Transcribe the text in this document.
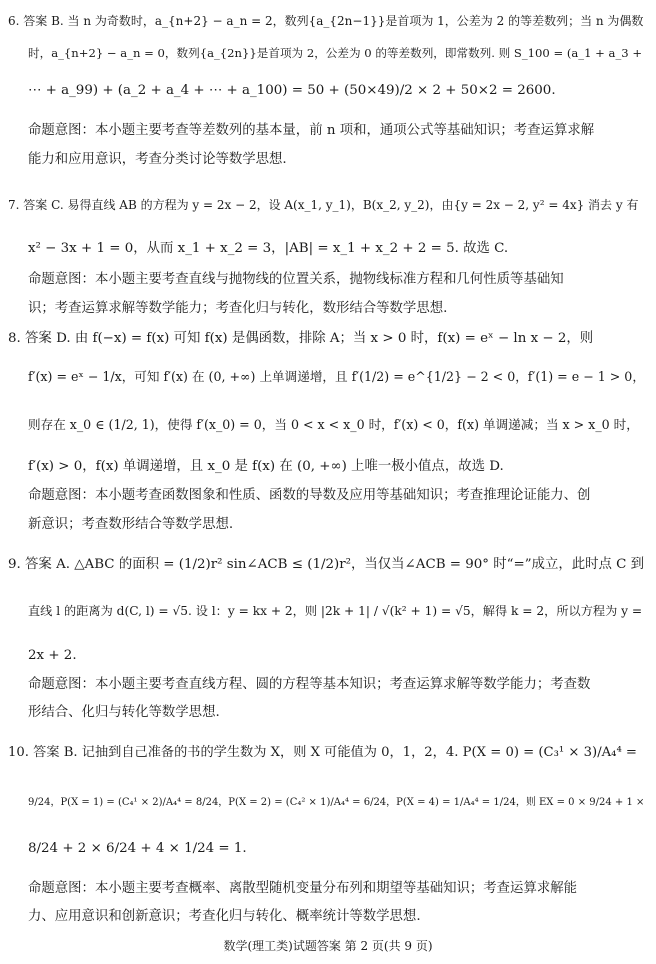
6. 答案 B. 当 n 为奇数时，a_{n+2} − a_n = 2，数列{a_{2n−1}}是首项为 1，公差为 2 的等差数列；当 n 为偶数
时，a_{n+2} − a_n = 0，数列{a_{2n}}是首项为 2，公差为 0 的等差数列，即常数列. 则 S_100 = (a_1 + a_3 +
⋯ + a_99) + (a_2 + a_4 + ⋯ + a_100) = 50 + (50×49)/2 × 2 + 50×2 = 2600.
命题意图：本小题主要考查等差数列的基本量，前 n 项和，通项公式等基础知识；考查运算求解
能力和应用意识，考查分类讨论等数学思想.
7. 答案 C. 易得直线 AB 的方程为 y = 2x − 2，设 A(x_1, y_1)，B(x_2, y_2)，由{y = 2x − 2, y² = 4x} 消去 y 有
x² − 3x + 1 = 0，从而 x_1 + x_2 = 3，|AB| = x_1 + x_2 + 2 = 5. 故选 C.
命题意图：本小题主要考查直线与抛物线的位置关系，抛物线标准方程和几何性质等基础知
识；考查运算求解等数学能力；考查化归与转化，数形结合等数学思想.
8. 答案 D. 由 f(−x) = f(x) 可知 f(x) 是偶函数，排除 A；当 x > 0 时，f(x) = eˣ − ln x − 2，则
f′(x) = eˣ − 1/x，可知 f′(x) 在 (0, +∞) 上单调递增，且 f′(1/2) = e^{1/2} − 2 < 0，f′(1) = e − 1 > 0，
则存在 x_0 ∈ (1/2, 1)，使得 f′(x_0) = 0，当 0 < x < x_0 时，f′(x) < 0，f(x) 单调递减；当 x > x_0 时，
f′(x) > 0，f(x) 单调递增，且 x_0 是 f(x) 在 (0, +∞) 上唯一极小值点，故选 D.
命题意图：本小题考查函数图象和性质、函数的导数及应用等基础知识；考查推理论证能力、创
新意识；考查数形结合等数学思想.
9. 答案 A. △ABC 的面积 = (1/2)r² sin∠ACB ≤ (1/2)r²，当仅当∠ACB = 90° 时“=”成立，此时点 C 到
直线 l 的距离为 d(C, l) = √5. 设 l：y = kx + 2，则 |2k + 1| / √(k² + 1) = √5，解得 k = 2，所以方程为 y =
2x + 2.
命题意图：本小题主要考查直线方程、圆的方程等基本知识；考查运算求解等数学能力；考查数
形结合、化归与转化等数学思想.
10. 答案 B. 记抽到自己准备的书的学生数为 X，则 X 可能值为 0，1，2，4. P(X = 0) = (C₃¹ × 3)/A₄⁴ =
9/24，P(X = 1) = (C₄¹ × 2)/A₄⁴ = 8/24，P(X = 2) = (C₄² × 1)/A₄⁴ = 6/24，P(X = 4) = 1/A₄⁴ = 1/24，则 EX = 0 × 9/24 + 1 ×
8/24 + 2 × 6/24 + 4 × 1/24 = 1.
命题意图：本小题主要考查概率、离散型随机变量分布列和期望等基础知识；考查运算求解能
力、应用意识和创新意识；考查化归与转化、概率统计等数学思想.
数学(理工类)试题答案 第 2 页(共 9 页)
